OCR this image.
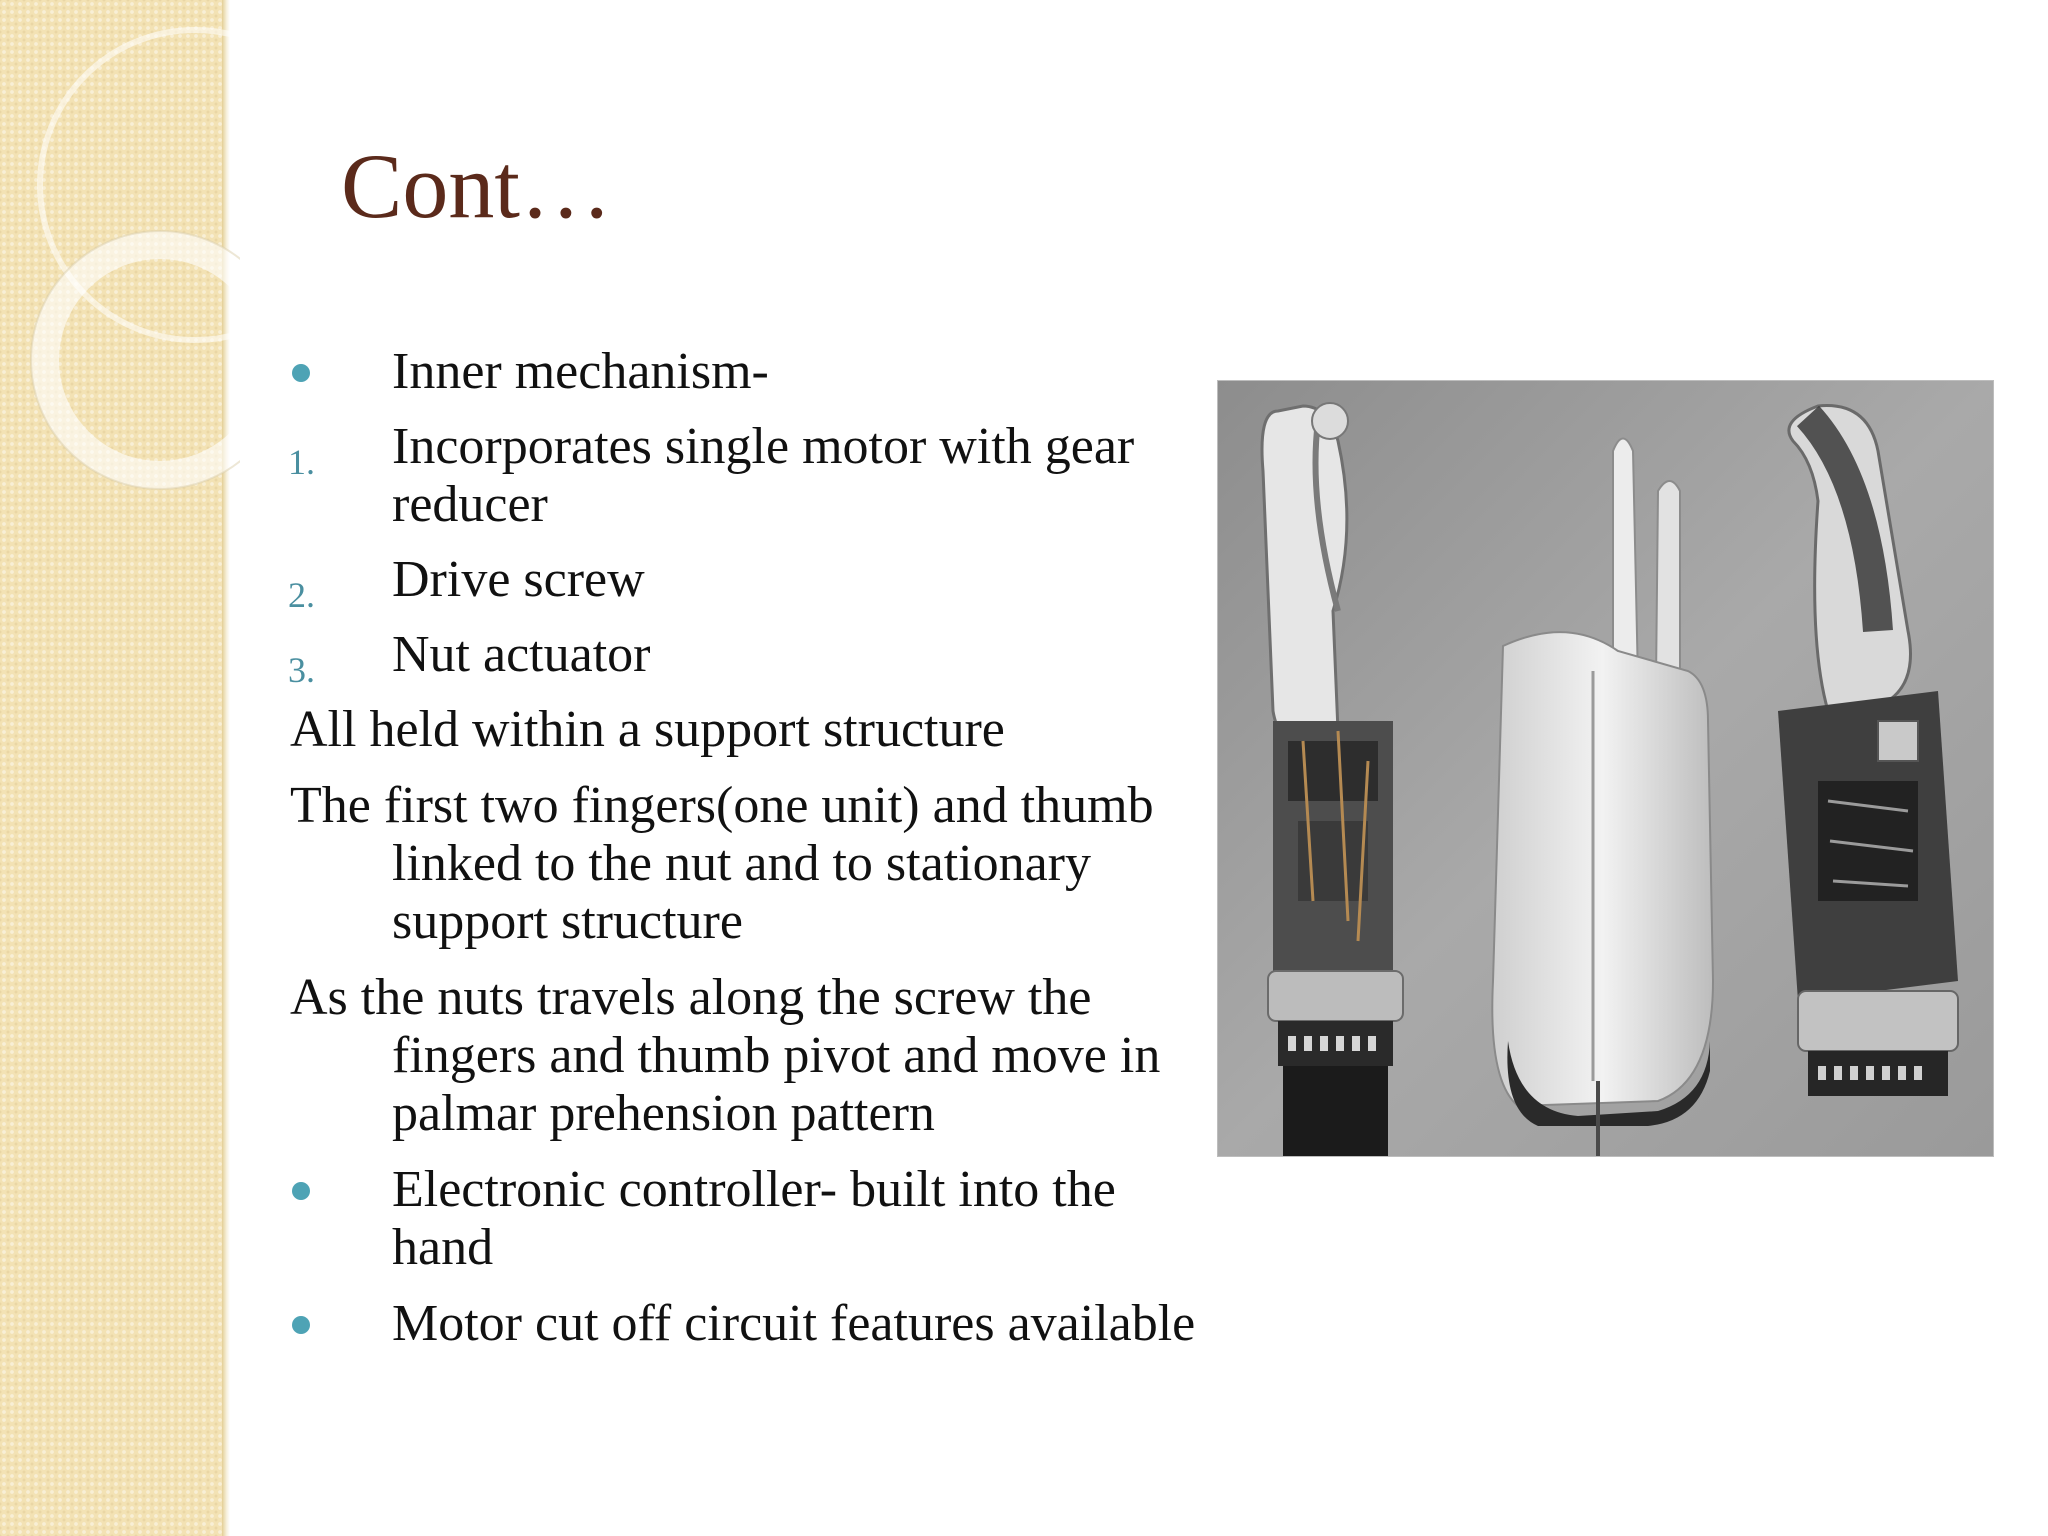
Cont…
Inner mechanism-
1. Incorporates single motor with gear
reducer
2. Drive screw
3. Nut actuator
All held within a support structure
The first two fingers(one unit) and thumb
linked to the nut and to stationary
support structure
As the nuts travels along the screw the
fingers and thumb pivot and move in
palmar prehension pattern
Electronic controller- built into the
hand
Motor cut off circuit features available
